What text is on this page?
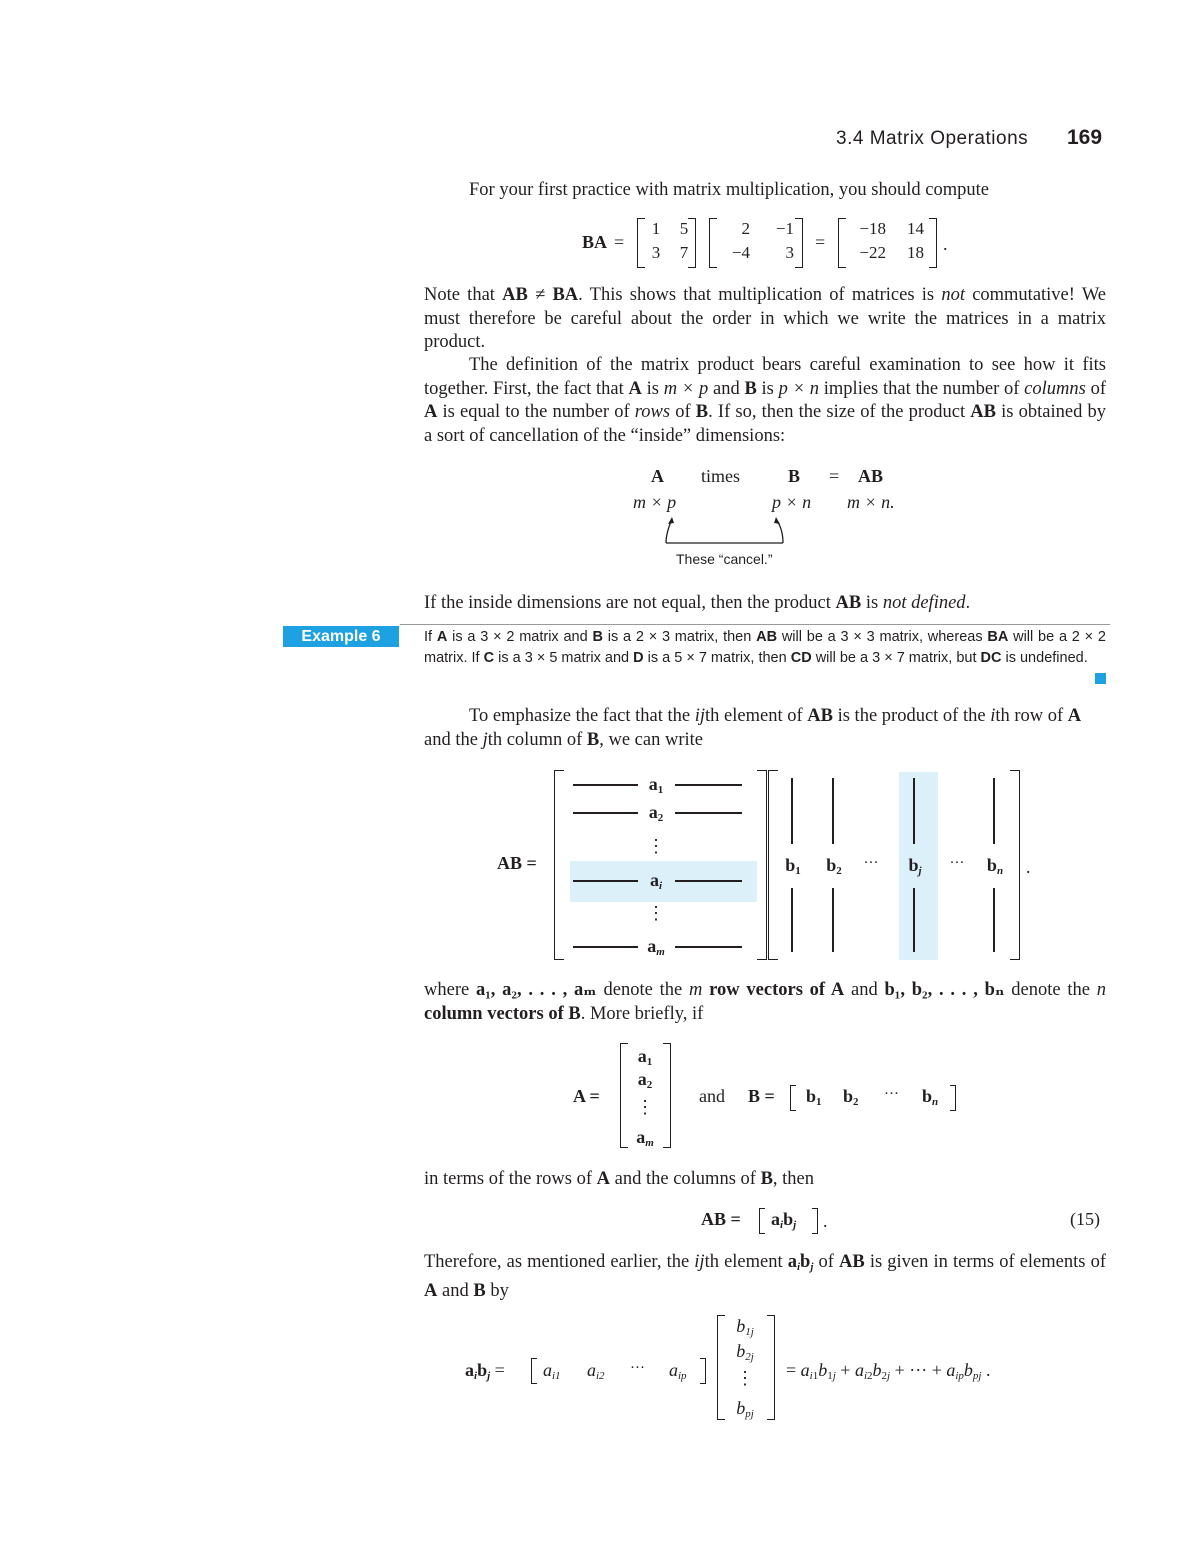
3.4 Matrix Operations 169
For your first practice with matrix multiplication, you should compute
BA =
1 5
3 7
2	−1
−4	3
=
−18	14
−22	18 .
Note that AB ≠ BA. This shows that multiplication of matrices is not commutative! We must therefore be careful about the order in which we write the matrices in a matrix product.
The definition of the matrix product bears careful examination to see how it fits together. First, the fact that A is m × p and B is p × n implies that the number of columns of A is equal to the number of rows of B. If so, then the size of the product AB is obtained by a sort of cancellation of the “inside” dimensions:
A times	B = AB
m × p	p × n m × n.
These “cancel.”
If the inside dimensions are not equal, then the product AB is not defined.
Example 6	If A is a 3 × 2 matrix and B is a 2 × 3 matrix, then AB will be a 3 × 3 matrix, whereas BA will be a 2 × 2 matrix. If C is a 3 × 5 matrix and D is a 5 × 7 matrix, then CD will be a 3 × 7 matrix, but DC is undefined.
To emphasize the fact that the ijth element of AB is the product of the ith row of A and the jth column of B, we can write
AB =
$a_1$
$a_2$
⋮
$a_i$
⋮
$a_m$
$b_1$	$b_2$	···	$b_j$	···	$b_n$	.
where a₁, a₂, . . . , aₘ denote the m row vectors of A and b₁, b₂, . . . , bₙ denote the n column vectors of B. More briefly, if
A =
$a_1$
$a_2$
⋮
$a_m$
and $B = b_1$ $b_2$ ··· $b_n$
in terms of the rows of A and the columns of B, then
AB = $a_ib_j$ .	(15)
Therefore, as mentioned earlier, the ijth element $a_ib_j$ of AB is given in terms of elements of A and B by
$a_ib_j = a_{i1}$ $a_{i2}$ ··· $a_{ip}$
$b_{1j}$
$b_{2j}$
⋮
$b_{pj}$
= $a_{i1}b_{1j} + a_{i2}b_{2j}$ + ··· + $a_{ip}b_{pj}$ .
